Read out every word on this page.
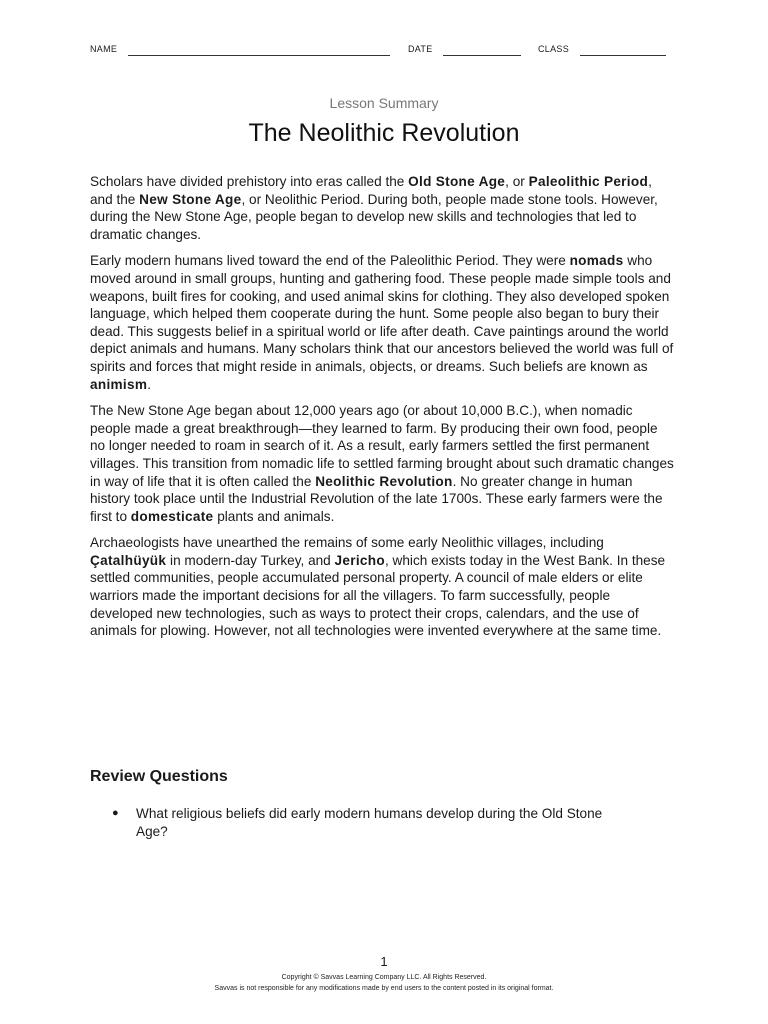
NAME	DATE	CLASS
Lesson Summary
The Neolithic Revolution

Scholars have divided prehistory into eras called the Old Stone Age, or Paleolithic Period, and the New Stone Age, or Neolithic Period. During both, people made stone tools. However, during the New Stone Age, people began to develop new skills and technologies that led to dramatic changes.

Early modern humans lived toward the end of the Paleolithic Period. They were nomads who moved around in small groups, hunting and gathering food. These people made simple tools and weapons, built fires for cooking, and used animal skins for clothing. They also developed spoken language, which helped them cooperate during the hunt. Some people also began to bury their dead. This suggests belief in a spiritual world or life after death. Cave paintings around the world depict animals and humans. Many scholars think that our ancestors believed the world was full of spirits and forces that might reside in animals, objects, or dreams. Such beliefs are known as animism.

The New Stone Age began about 12,000 years ago (or about 10,000 B.C.), when nomadic people made a great breakthrough—they learned to farm. By producing their own food, people no longer needed to roam in search of it. As a result, early farmers settled the first permanent villages. This transition from nomadic life to settled farming brought about such dramatic changes in way of life that it is often called the Neolithic Revolution. No greater change in human history took place until the Industrial Revolution of the late 1700s. These early farmers were the first to domesticate plants and animals.

Archaeologists have unearthed the remains of some early Neolithic villages, including Çatalhüyük in modern-day Turkey, and Jericho, which exists today in the West Bank. In these settled communities, people accumulated personal property. A council of male elders or elite warriors made the important decisions for all the villagers. To farm successfully, people developed new technologies, such as ways to protect their crops, calendars, and the use of animals for plowing. However, not all technologies were invented everywhere at the same time.

Review Questions
● What religious beliefs did early modern humans develop during the Old Stone Age?
1
Copyright © Savvas Learning Company LLC. All Rights Reserved.
Savvas is not responsible for any modifications made by end users to the content posted in its original format.
